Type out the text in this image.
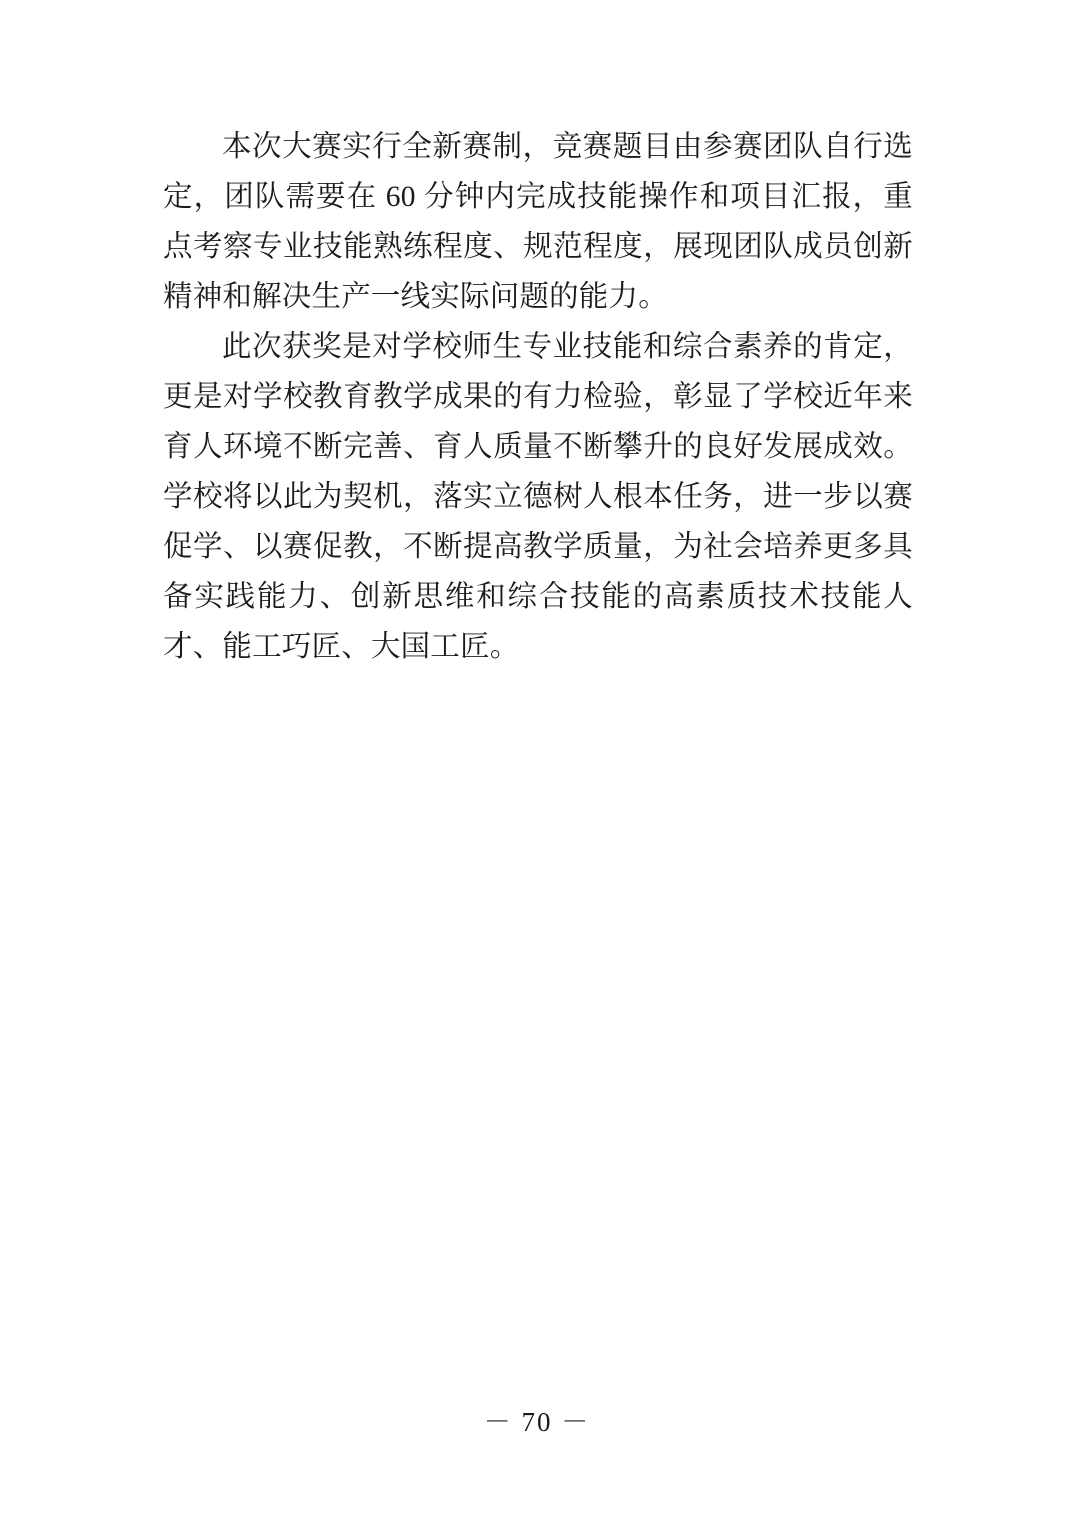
本次大赛实行全新赛制，竞赛题目由参赛团队自行选定，团队需要在 60 分钟内完成技能操作和项目汇报，重点考察专业技能熟练程度、规范程度，展现团队成员创新精神和解决生产一线实际问题的能力。

此次获奖是对学校师生专业技能和综合素养的肯定，更是对学校教育教学成果的有力检验，彰显了学校近年来育人环境不断完善、育人质量不断攀升的良好发展成效。学校将以此为契机，落实立德树人根本任务，进一步以赛促学、以赛促教，不断提高教学质量，为社会培养更多具备实践能力、创新思维和综合技能的高素质技术技能人才、能工巧匠、大国工匠。

－ 70 －
